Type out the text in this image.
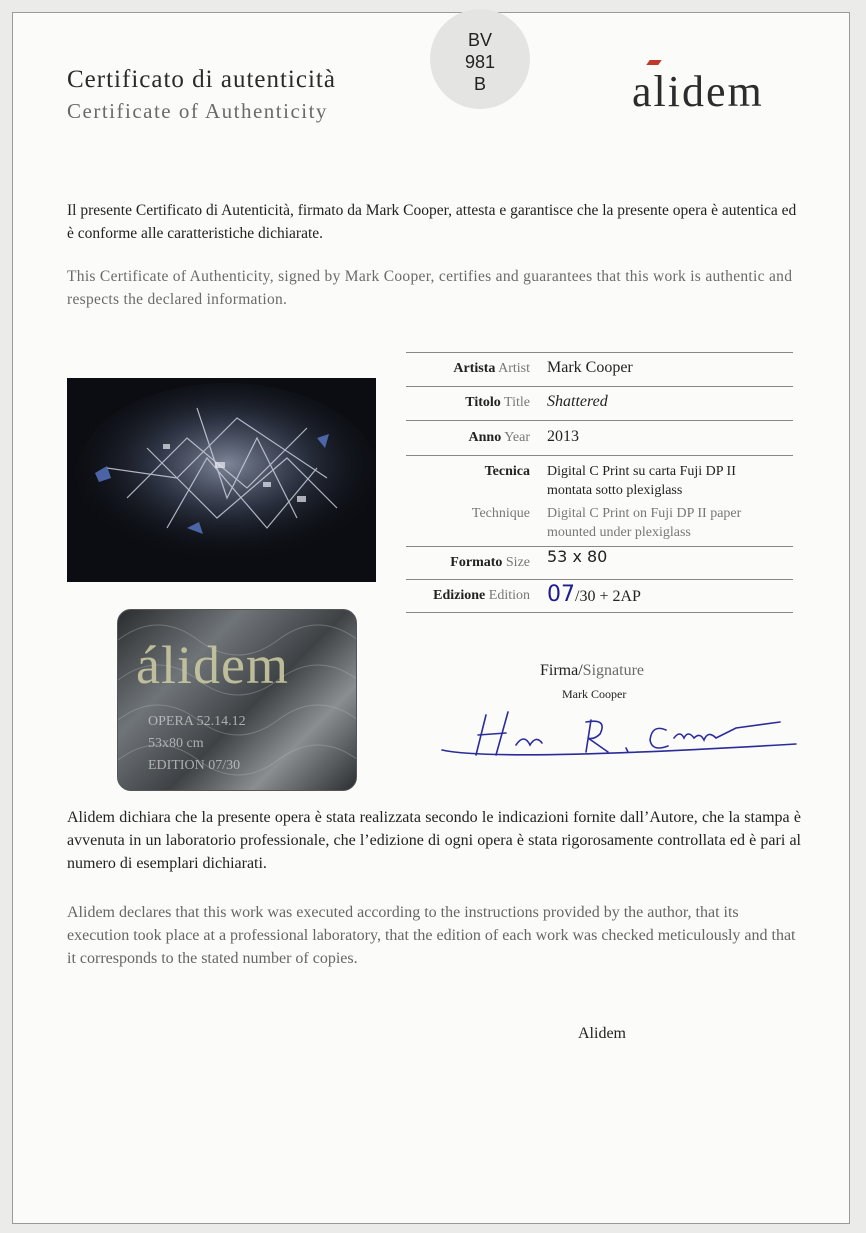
Certificato di autenticità
Certificate of Authenticity
BV
981
B	alidem
Il presente Certificato di Autenticità, firmato da Mark Cooper, attesta e garantisce che la presente opera è autentica ed è conforme alle caratteristiche dichiarate.
This Certificate of Authenticity, signed by Mark Cooper, certifies and guarantees that this work is authentic and respects the declared information.
álidem
OPERA 52.14.12
53x80 cm
EDITION 07/30
Artista Artist Mark Cooper
Titolo Title Shattered
Anno Year 2013
Tecnica
Technique
Digital C Print su carta Fuji DP II
montata sotto plexiglass
Digital C Print on Fuji DP II paper
mounted under plexiglass
Formato Size 53 x 80
Edizione Edition 07/30 + 2AP
Firma/Signature
Mark Cooper
Alidem dichiara che la presente opera è stata realizzata secondo le indicazioni fornite dall’Autore, che la stampa è avvenuta in un laboratorio professionale, che l’edizione di ogni opera è stata rigorosamente controllata ed è pari al numero di esemplari dichiarati.
Alidem declares that this work was executed according to the instructions provided by the author, that its execution took place at a professional laboratory, that the edition of each work was checked meticulously and that it corresponds to the stated number of copies.
Alidem
